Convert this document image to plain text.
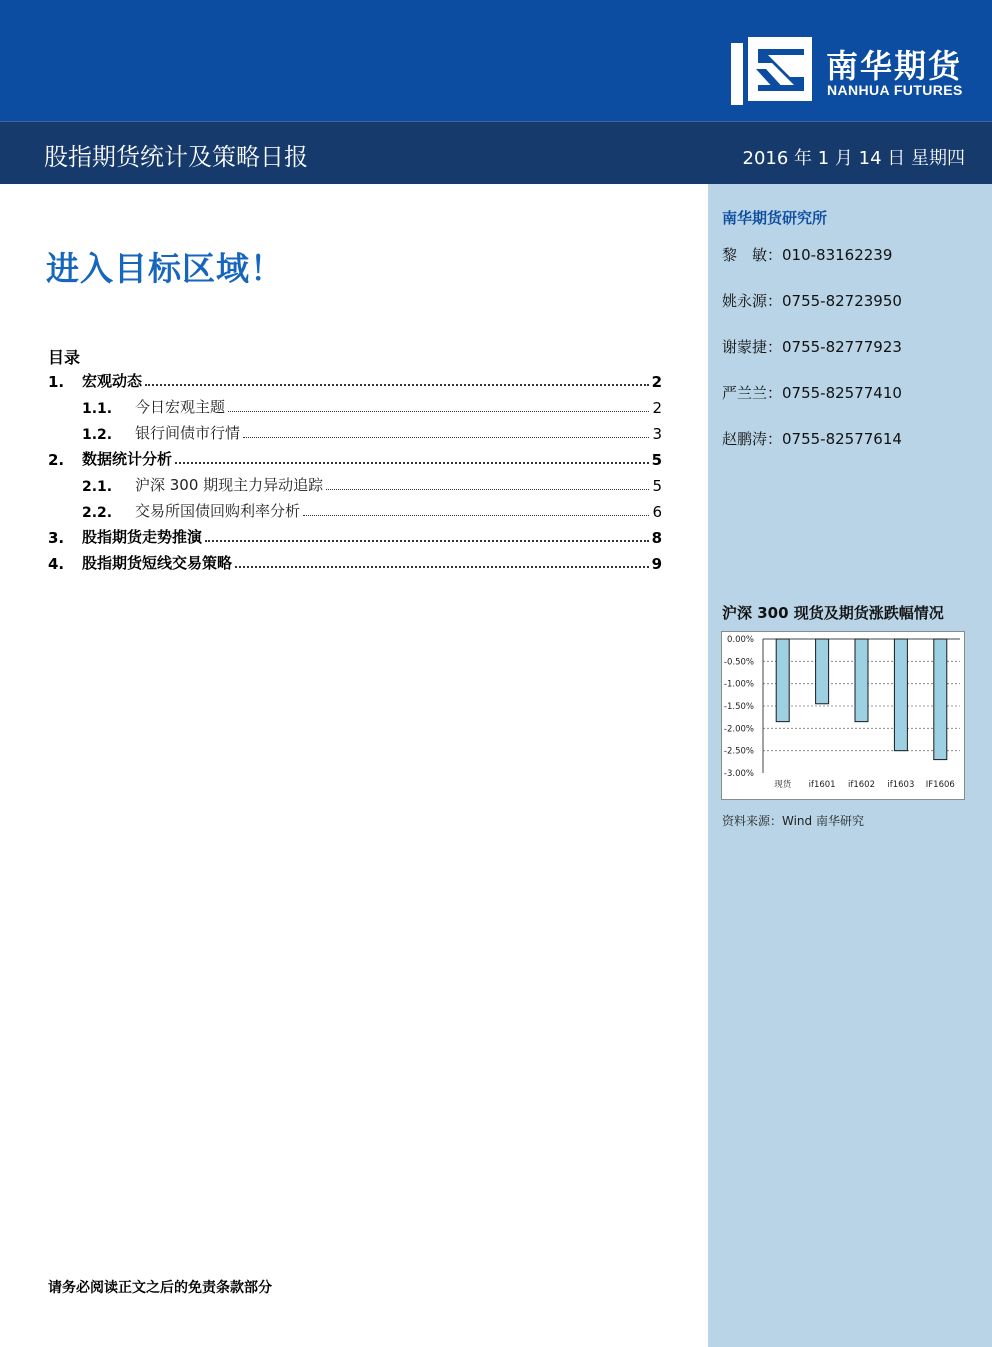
南华期货
NANHUA FUTURES
股指期货统计及策略日报	2016 年 1 月 14 日 星期四
进入目标区域！
目录
1.	宏观动态	2
1.1.	今日宏观主题	2
1.2.	银行间债市行情	3
2.	数据统计分析	5
2.1.	沪深 300 期现主力异动追踪	5
2.2.	交易所国债回购利率分析	6
3.	股指期货走势推演	8
4.	股指期货短线交易策略	9
请务必阅读正文之后的免责条款部分
南华期货研究所
黎　敏：010-83162239
姚永源：0755-82723950
谢蒙捷：0755-82777923
严兰兰：0755-82577410
赵鹏涛：0755-82577614
沪深 300 现货及期货涨跌幅情况
0.00%
-0.50%
-1.00%
-1.50%
-2.00%
-2.50%
-3.00%
现货 if1601 if1602 if1603 IF1606
资料来源：Wind 南华研究
